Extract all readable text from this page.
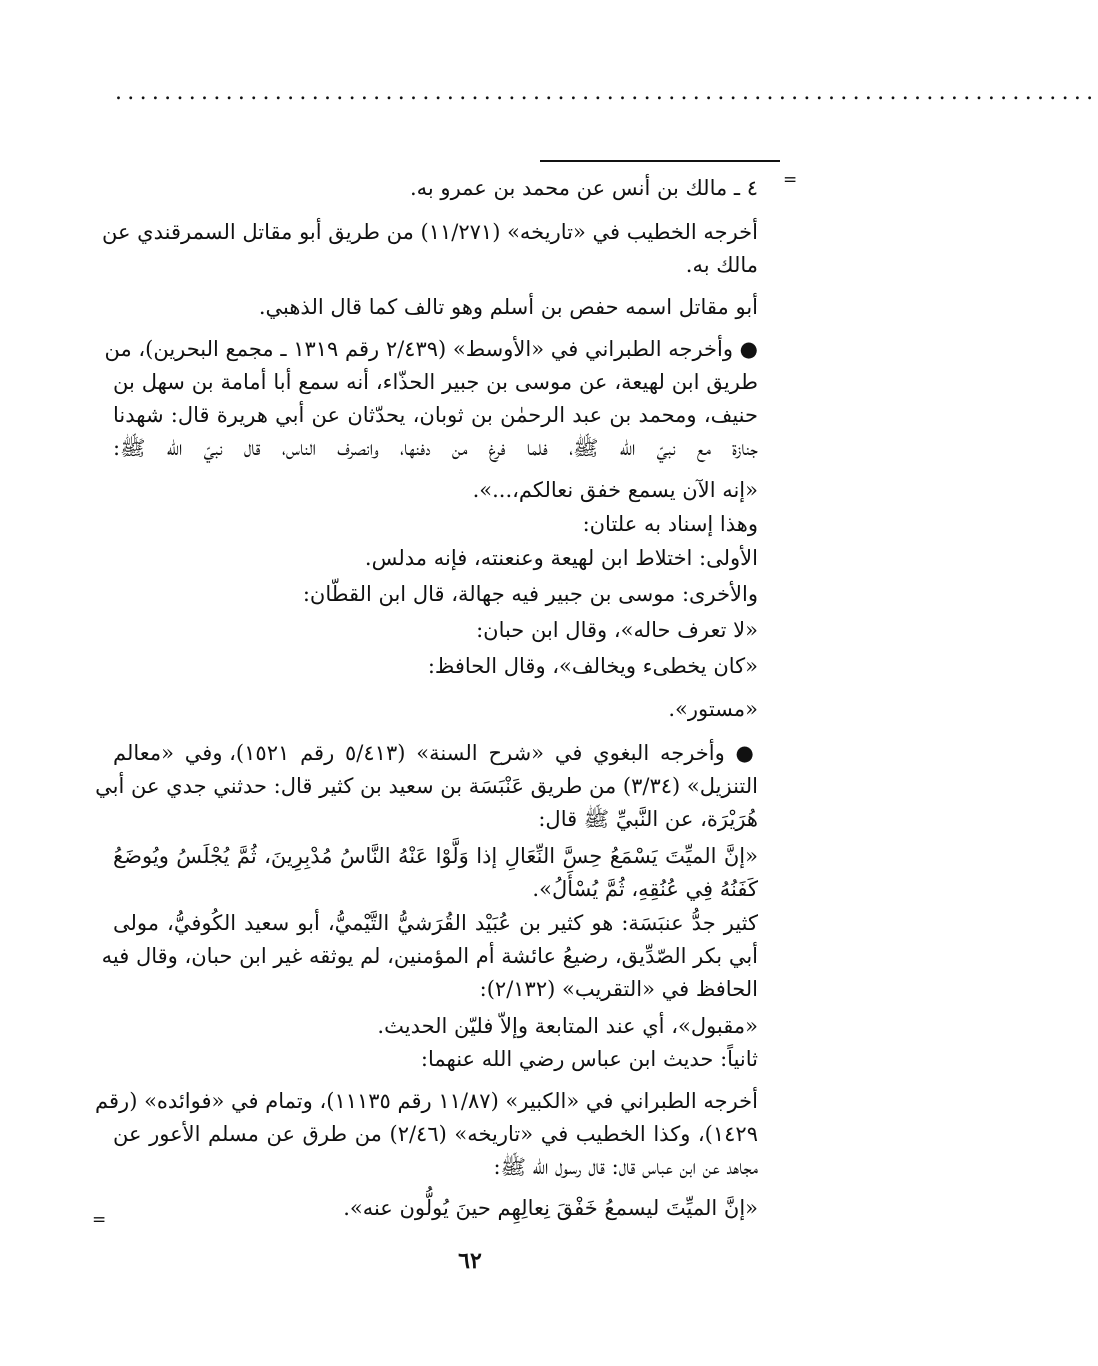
................................................................................
=
٤ ـ مالك بن أنس عن محمد بن عمرو به.
أخرجه الخطيب في «تاريخه» (١١/٢٧١) من طريق أبو مقاتل السمرقندي عن
مالك به.
أبو مقاتل اسمه حفص بن أسلم وهو تالف كما قال الذهبي.
● وأخرجه الطبراني في «الأوسط» (٢/٤٣٩ رقم ١٣١٩ ـ مجمع البحرين)، من
طريق ابن لهيعة، عن موسى بن جبير الحذّاء، أنه سمع أبا أمامة بن سهل بن
حنيف، ومحمد بن عبد الرحمٰن بن ثوبان، يحدّثان عن أبي هريرة قال: شهدنا
جنازة مع نبيّ الله ﷺ، فلما فرغ من دفنها، وانصرف الناس، قال نبيّ الله ﷺ:
«إنه الآن يسمع خفق نعالكم،...».
وهذا إسناد به علتان:
الأولى: اختلاط ابن لهيعة وعنعنته، فإنه مدلس.
والأخرى: موسى بن جبير فيه جهالة، قال ابن القطّان:
«لا تعرف حاله»، وقال ابن حبان:
«كان يخطىء ويخالف»، وقال الحافظ:
«مستور».
● وأخرجه البغوي في «شرح السنة» (٥/٤١٣ رقم ١٥٢١)، وفي «معالم
التنزيل» (٣/٣٤) من طريق عَنْبَسَة بن سعيد بن كثير قال: حدثني جدي عن أبي
هُرَيْرَة، عن النَّبيِّ ﷺ قال:
«إنَّ الميِّتَ يَسْمَعُ حِسَّ النِّعَالِ إذا وَلَّوْا عَنْهُ النَّاسُ مُدْبِرِينَ، ثُمَّ يُجْلَسُ ويُوضَعُ
كَفَنُهُ فِي عُنُقِهِ، ثُمَّ يُسْأَلُ».
كثير جدُّ عنبَسَة: هو كثير بن عُبَيْد القُرَشيُّ التَّيْميُّ، أبو سعيد الكُوفيُّ، مولى
أبي بكر الصّدِّيق، رضيعُ عائشة أم المؤمنين، لم يوثقه غير ابن حبان، وقال فيه
الحافظ في «التقريب» (٢/١٣٢):
«مقبول»، أي عند المتابعة وإلاّ فليّن الحديث.
ثانياً: حديث ابن عباس رضي الله عنهما:
أخرجه الطبراني في «الكبير» (١١/٨٧ رقم ١١١٣٥)، وتمام في «فوائده» (رقم
١٤٢٩)، وكذا الخطيب في «تاريخه» (٢/٤٦) من طرق عن مسلم الأعور عن
مجاهد عن ابن عباس قال: قال رسول الله ﷺ:
«إنَّ الميِّتَ ليسمعُ خَفْقَ نِعالِهِم حينَ يُولُّون عنه».
=
٦٢
